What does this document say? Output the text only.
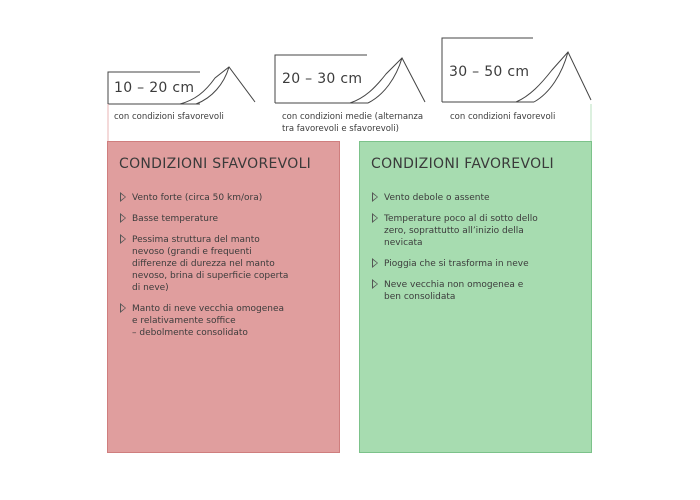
10 – 20 cm
20 – 30 cm	30 – 50 cm
con condizioni sfavorevoli	con condizioni medie (alternanza
tra favorevoli e sfavorevoli)
con condizioni favorevoli
CONDIZIONI SFAVOREVOLI
Vento forte (circa 50 km/ora)
Basse temperature
Pessima struttura del manto
nevoso (grandi e frequenti
differenze di durezza nel manto
nevoso, brina di superficie coperta
di neve)
Manto di neve vecchia omogenea
e relativamente soffice
– debolmente consolidato
CONDIZIONI FAVOREVOLI
Vento debole o assente
Temperature poco al di sotto dello
zero, soprattutto all’inizio della
nevicata
Pioggia che si trasforma in neve
Neve vecchia non omogenea e
ben consolidata
